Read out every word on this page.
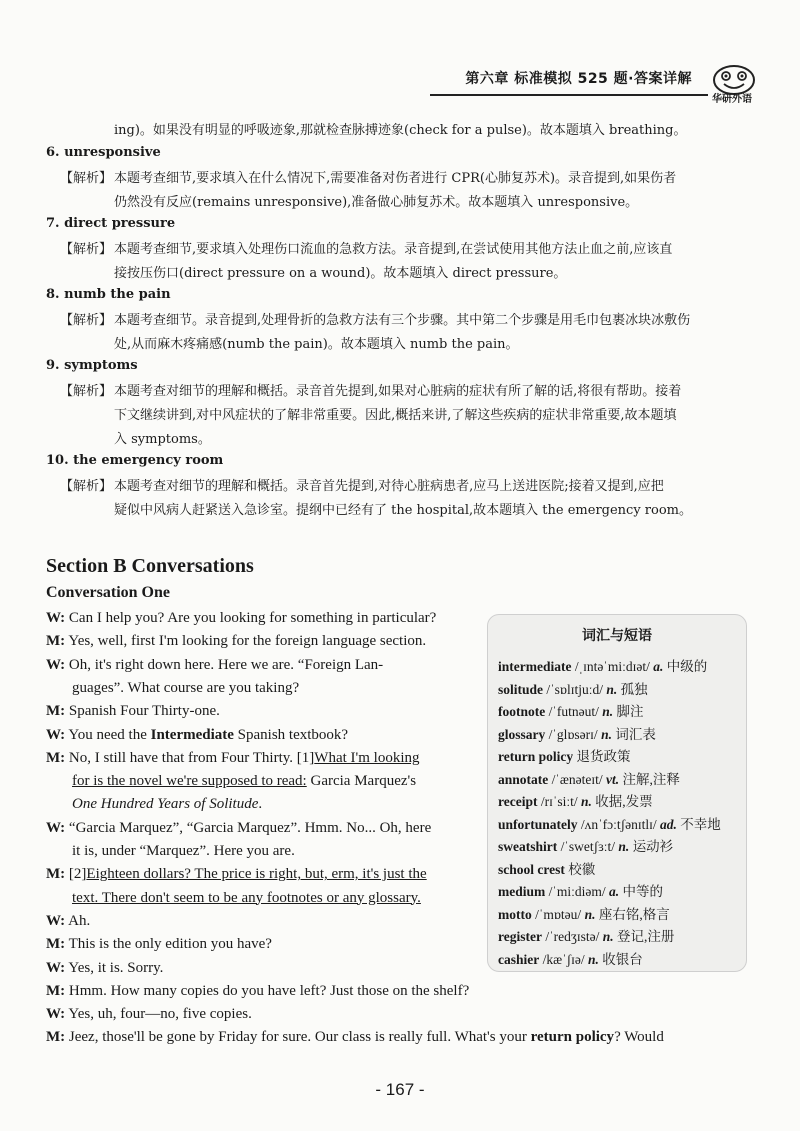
第六章 标准模拟 525 题·答案详解
华研外语
ing)。如果没有明显的呼吸迹象,那就检查脉搏迹象(check for a pulse)。故本题填入 breathing。
6. unresponsive
【解析】 本题考查细节,要求填入在什么情况下,需要准备对伤者进行 CPR(心肺复苏术)。录音提到,如果伤者
仍然没有反应(remains unresponsive),准备做心肺复苏术。故本题填入 unresponsive。
7. direct pressure
【解析】 本题考查细节,要求填入处理伤口流血的急救方法。录音提到,在尝试使用其他方法止血之前,应该直
接按压伤口(direct pressure on a wound)。故本题填入 direct pressure。
8. numb the pain
【解析】 本题考查细节。录音提到,处理骨折的急救方法有三个步骤。其中第二个步骤是用毛巾包裹冰块冰敷伤
处,从而麻木疼痛感(numb the pain)。故本题填入 numb the pain。
9. symptoms
【解析】 本题考查对细节的理解和概括。录音首先提到,如果对心脏病的症状有所了解的话,将很有帮助。接着
下文继续讲到,对中风症状的了解非常重要。因此,概括来讲,了解这些疾病的症状非常重要,故本题填
入 symptoms。
10. the emergency room
【解析】 本题考查对细节的理解和概括。录音首先提到,对待心脏病患者,应马上送进医院;接着又提到,应把
疑似中风病人赶紧送入急诊室。提纲中已经有了 the hospital,故本题填入 the emergency room。
Section B Conversations
Conversation One
W: Can I help you? Are you looking for something in particular?
M: Yes, well, first I'm looking for the foreign language section.
W: Oh, it's right down here. Here we are. “Foreign Lan-
guages”. What course are you taking?
M: Spanish Four Thirty-one.
W: You need the Intermediate Spanish textbook?
M: No, I still have that from Four Thirty. [1]What I'm looking
for is the novel we're supposed to read: Garcia Marquez's
One Hundred Years of Solitude.
W: “Garcia Marquez”, “Garcia Marquez”. Hmm. No... Oh, here
it is, under “Marquez”. Here you are.
M: [2]Eighteen dollars? The price is right, but, erm, it's just the
text. There don't seem to be any footnotes or any glossary.
W: Ah.
M: This is the only edition you have?
W: Yes, it is. Sorry.
M: Hmm. How many copies do you have left? Just those on the shelf?
W: Yes, uh, four—no, five copies.
M: Jeez, those'll be gone by Friday for sure. Our class is really full. What's your return policy? Would
词汇与短语
intermediate /ˌɪntəˈmiːdɪət/ a. 中级的
solitude /ˈsɒlɪtjuːd/ n. 孤独
footnote /ˈfutnəut/ n. 脚注
glossary /ˈglɒsərɪ/ n. 词汇表
return policy 退货政策
annotate /ˈænəteɪt/ vt. 注解,注释
receipt /rɪˈsiːt/ n. 收据,发票
unfortunately /ʌnˈfɔːtʃənɪtlɪ/ ad. 不幸地
sweatshirt /ˈswetʃɜːt/ n. 运动衫
school crest 校徽
medium /ˈmiːdiəm/ a. 中等的
motto /ˈmɒtəu/ n. 座右铭,格言
register /ˈredʒɪstə/ n. 登记,注册
cashier /kæˈʃɪə/ n. 收银台
- 167 -
